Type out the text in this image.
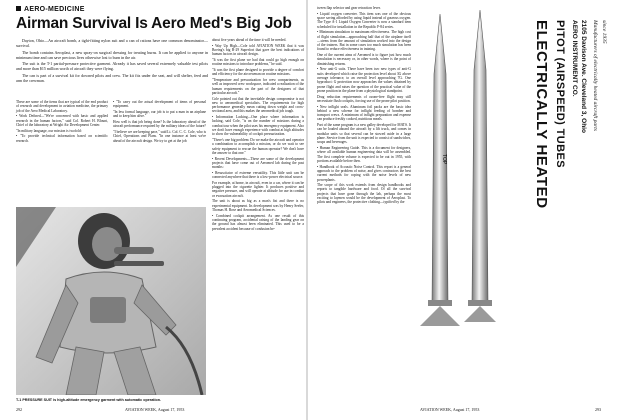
AERO-MEDICINE
Airman Survival Is Aero Med's Big Job

Dayton, Ohio—An aircraft bomb, a tight-fitting nylon suit and a can of rations have one common denominator—survival.

The bomb contains Aeroplast, a new spray-on surgical dressing for treating burns. It can be applied to anyone in minimum time and can save precious lives otherwise lost to burn in the air.

The suit is the T-1 partial-pressure protective garment. Already it has saved several extremely valuable test pilots and more than $15 million worth of aircraft they were flying.

The can is part of a survival kit for downed pilots and crew. The kit fits under the seat, and will shelter, feed and arm the crewman.

These are some of the items that are typical of the end product of research and development in aviation medicine, the primary job of the Aero Medical Laboratory.

• Work Defined—"We're concerned with basic and applied research in the human factors," said Col. Robert H. Blount, Chief of the laboratory at Wright Air Development Center.

"In military language, our mission is twofold:

• "To provide technical information based on scientific research.

• "To carry out the actual development of items of personal equipment.

"In less formal language, our job is to put a man in an airplane and to keep him alive."

How well is that job being done? Is the laboratory ahead of the aircraft performance required by the military ideas of the future?

"I believe we are keeping pace," said Lt. Col. C. C. Cole, who is Chief, Operations and Plans. "In one instance at least we're ahead of the aircraft design. We try to get at the job

about five years ahead of the time it will be needed.

• Way Up High—Cole told AVIATION WEEK that it was Boeing's big B-29 Superfort that gave the best indications of human factors in aircraft design.

"It was the first plane we had that could go high enough on routine missions to introduce problems," he said.

"It was the first plane designed to provide a degree of comfort and efficiency for the aircrewman on routine missions.

"Temperature and pressurization for crew compartments, as well as improved crew workspace, indicated a realization of the human requirements on the part of the designers of that particular aircraft."

Cole pointed out that the inevitable design compromise is not new to aeromedical specialists. The requirements for high performance generally mean cutting down weight and cross-sectional area, and this makes the aeromedical job tough.

• Information Lacking—One place where information is lacking, said Cole, "is on the number of missions during a combat tour when the pilot uses his emergency equipment. Also we don't have enough experience with combat at high altitudes to show the vulnerability of cockpit pressurization.

"There's one big problem: Do we make the aircraft and operator a combination to accomplish a mission, or do we wait to see safety equipment to rescue the human operator? We don't have the answer to that one."

• Recent Developments—These are some of the development projects that have come out of Aeromed lab during the past months:

• Resuscitator of extreme versatility. This little unit can be connected anywhere that there is a low-power electrical source.

For example, at home, in aircraft, even in a car, where it can be plugged into the cigarette lighter. It produces positive and negative pressure, and will operate at altitude for use in combat or evacuation aircraft.

The unit is about as big as a man's fist and there is no experimental equipment. Its development was by Henry Seeler, Thomas H. Rose and Aeromedical Sciences.

• Combined cockpit arrangement. As one result of this continuing program, accidental raising of the landing gear on the ground has almost been eliminated. This used to be a prevalent accident because of confusion be-

T-1 PRESSURE SUIT is high-altitude emergency garment with automatic operation.
292	AVIATION WEEK, August 17, 1953

tween flap selector and gear retraction lever.

• Liquid oxygen converter. This item was one of the obvious space saving afforded by using liquid instead of gaseous oxygen. The Type A-1 Liquid Oxygen Converter is now a standard item scheduled for installation in the Republic F-84 series.

• Minimum simulation to maximum effectiveness. The high cost of flight simulation—approaching half that of the airplane itself—stems from the amount of simulation worked into the design of the trainers. But in some cases too much simulation has been found to reduce effectiveness in training.

One of the current aims of Aeromed is to figure just how much simulation is necessary or, in other words, where is the point of diminishing returns.

• New anti-G suits. There have been two new types of anti-G suits developed which raise the protection level about 3G above average tolerance, to an overall level approaching 7G. One byproduct: G protection now approaches the values obtained by prone flight and raises the question of the practical value of the prone position in the plane from a physiological standpoint.

Drug reduction requirements of ozone-free flight may still necessitate flush cockpits, forcing use of the prone pilot position.

• New inflight seals. Aluminum foil packs are the basic idea behind a new scheme for inflight feeding of bomber and transport crews. A minimum of inflight preparation and expense can produce freshly cooked, nutritious meals.

Part of the same program is a new galley developed for MATS. It can be loaded aboard the aircraft by a lift truck, and comes in modular units so that several can be stowed aside in a large plane. Service from the unit is expected to consist of sandwiches, soups and beverages.

• Human Engineering Guide. This is a document for designers, where all available human engineering data will be assembled. The first complete volume is expected to be out in 1955, with portions available before then.

• Handbook of Acoustic Noise Control. This report is a general approach to the problem of noise, and gives contractors the best current methods for coping with the noise levels of new powerplants.

The scope of this work extends from design handbooks and reports to tangible hardware and food. Of all the survival projects that have gone through the lab, perhaps the most exciting to laymen would be the development of Aeroplast. To pilots and engineers, the protective clothing—typified by the

TOP	ELECTRICALLY HEATED PITOT (AIRSPEED) TUBES AERO INSTRUMENT CO. 2105 Davison Ave. Cleveland 3, Ohio Manufacturers of electrically heated aircraft parts since 1935
AVIATION WEEK, August 17, 1953	293
